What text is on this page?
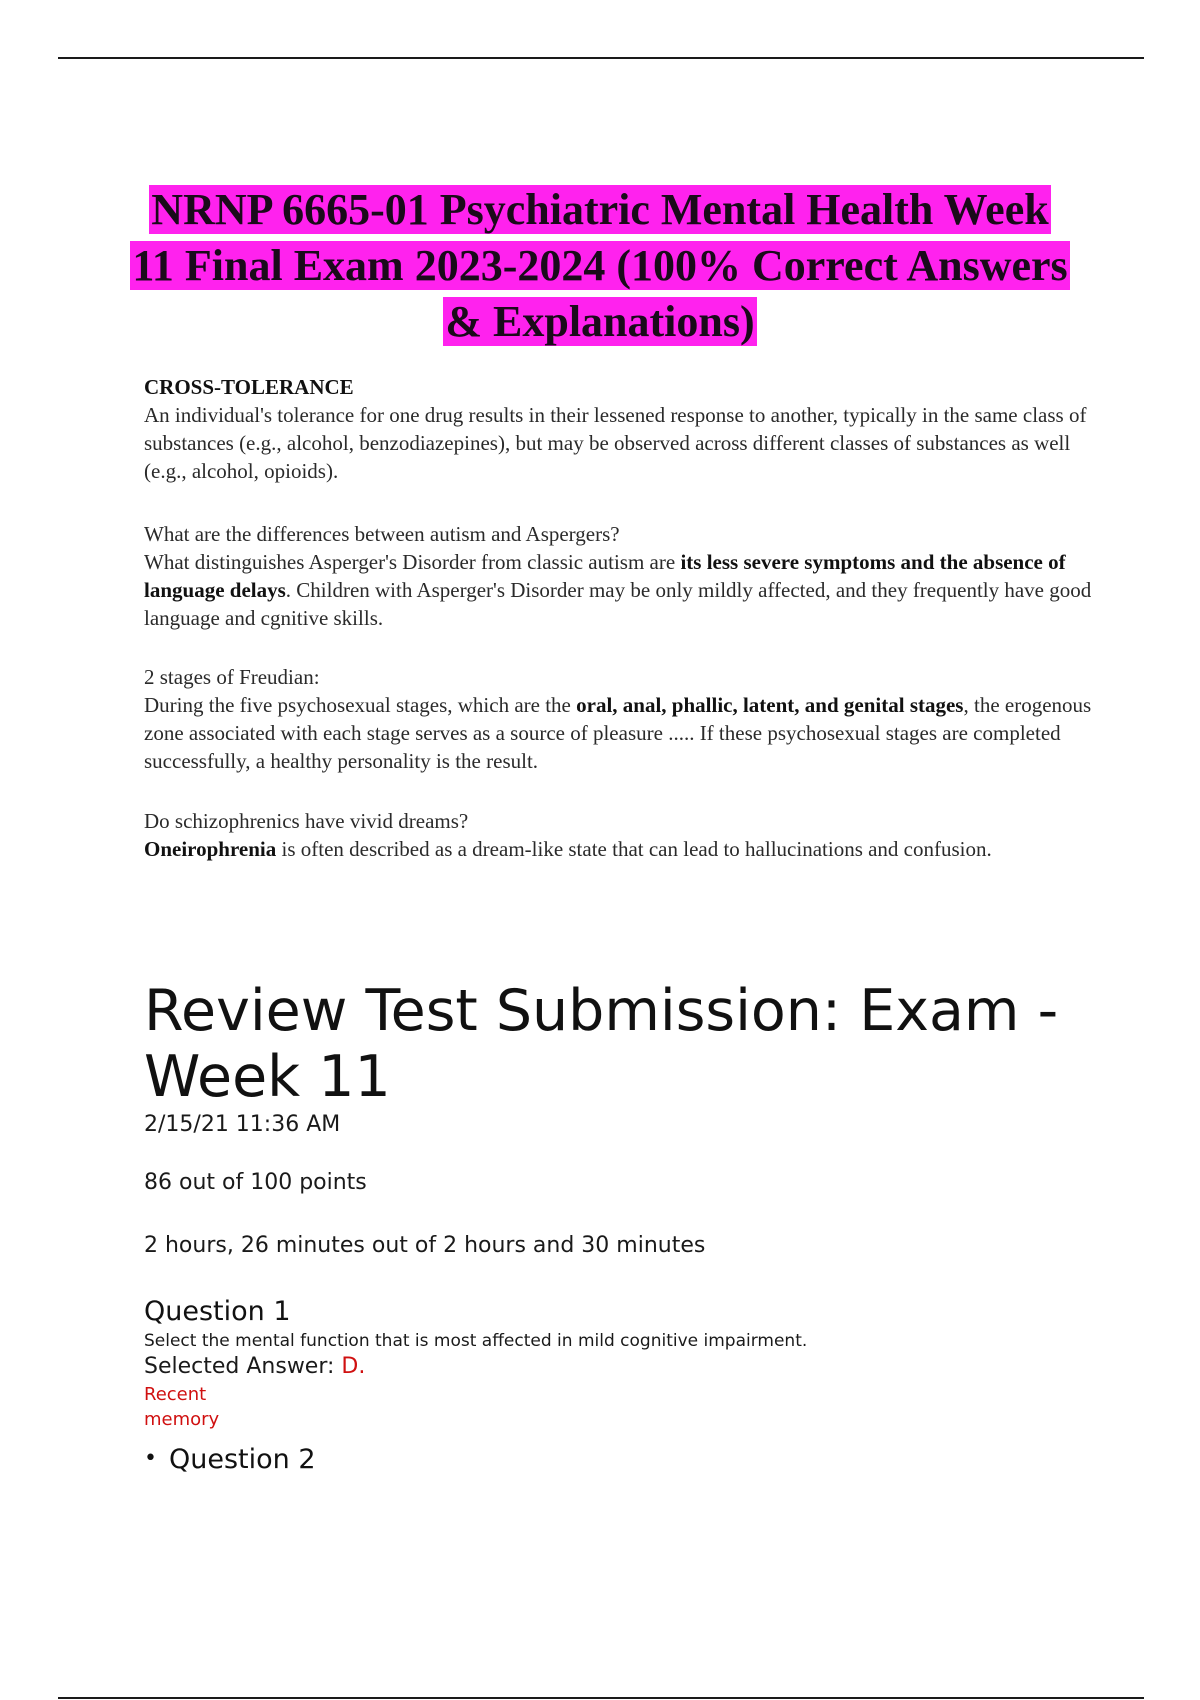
NRNP 6665-01 Psychiatric Mental Health Week
11 Final Exam 2023-2024 (100% Correct Answers
& Explanations)

CROSS-TOLERANCE

An individual's tolerance for one drug results in their lessened response to another, typically in the same class of substances (e.g., alcohol, benzodiazepines), but may be observed across different classes of substances as well (e.g., alcohol, opioids).

What are the differences between autism and Aspergers?

What distinguishes Asperger's Disorder from classic autism are its less severe symptoms and the absence of language delays. Children with Asperger's Disorder may be only mildly affected, and they frequently have good language and cgnitive skills.

2 stages of Freudian:

During the five psychosexual stages, which are the oral, anal, phallic, latent, and genital stages, the erogenous zone associated with each stage serves as a source of pleasure ..... If these psychosexual stages are completed successfully, a healthy personality is the result.

Do schizophrenics have vivid dreams?

Oneirophrenia is often described as a dream-like state that can lead to hallucinations and confusion.

Review Test Submission: Exam - Week 11
2/15/21 11:36 AM
86 out of 100 points
2 hours, 26 minutes out of 2 hours and 30 minutes
Question 1
Select the mental function that is most affected in mild cognitive impairment.
Selected Answer: D.
Recent memory
• Question 2
